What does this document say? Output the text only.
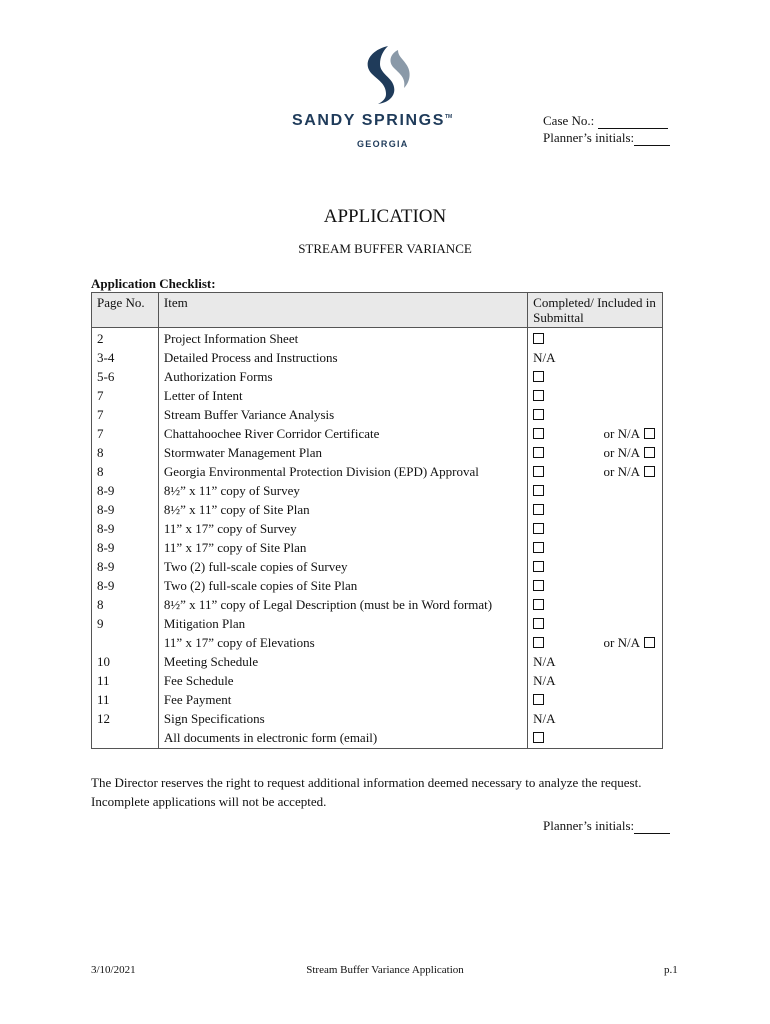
SANDY SPRINGS™
GEORGIA
Case No.:
Planner’s initials:
APPLICATION
STREAM BUFFER VARIANCE
Application Checklist:
Page No.	Item	Completed/ Included in Submittal
2	Project Information Sheet	
3-4	Detailed Process and Instructions	N/A
5-6	Authorization Forms	
7	Letter of Intent	
7	Stream Buffer Variance Analysis	
7	Chattahoochee River Corridor Certificate	or N/A

8	Stormwater Management Plan	or N/A

8	Georgia Environmental Protection Division (EPD) Approval	or N/A

8-9	8½” x 11” copy of Survey	
8-9	8½” x 11” copy of Site Plan	
8-9	11” x 17” copy of Survey	
8-9	11” x 17” copy of Site Plan	
8-9	Two (2) full-scale copies of Survey	
8-9	Two (2) full-scale copies of Site Plan	
8	8½” x 11” copy of Legal Description (must be in Word format)	
9	Mitigation Plan	
	11” x 17” copy of Elevations	or N/A

10	Meeting Schedule	N/A
11	Fee Schedule	N/A
11	Fee Payment	
12	Sign Specifications	N/A
	All documents in electronic form (email)	
The Director reserves the right to request additional information deemed necessary to analyze the request.
Incomplete applications will not be accepted.
Planner’s initials:
3/10/2021	Stream Buffer Variance Application	p.1
